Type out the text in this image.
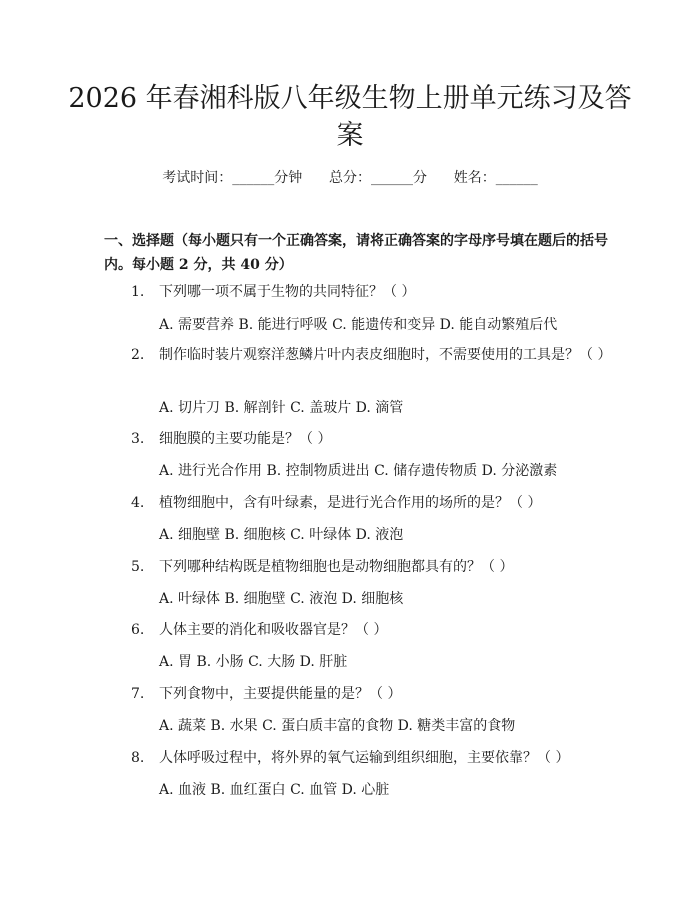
2026 年春湘科版八年级生物上册单元练习及答案
考试时间：______分钟      总分：______分      姓名：______

一、选择题（每小题只有一个正确答案，请将正确答案的字母序号填在题后的括号内。每小题 2 分，共 40 分）

1. 下列哪一项不属于生物的共同特征？（ ）
A. 需要营养 B. 能进行呼吸 C. 能遗传和变异 D. 能自动繁殖后代
2. 制作临时装片观察洋葱鳞片叶内表皮细胞时，不需要使用的工具是？（ ）
A. 切片刀 B. 解剖针 C. 盖玻片 D. 滴管
3. 细胞膜的主要功能是？（ ）
A. 进行光合作用 B. 控制物质进出 C. 储存遗传物质 D. 分泌激素
4. 植物细胞中，含有叶绿素，是进行光合作用的场所的是？（ ）
A. 细胞壁 B. 细胞核 C. 叶绿体 D. 液泡
5. 下列哪种结构既是植物细胞也是动物细胞都具有的？（ ）
A. 叶绿体 B. 细胞壁 C. 液泡 D. 细胞核
6. 人体主要的消化和吸收器官是？（ ）
A. 胃 B. 小肠 C. 大肠 D. 肝脏
7. 下列食物中，主要提供能量的是？（ ）
A. 蔬菜 B. 水果 C. 蛋白质丰富的食物 D. 糖类丰富的食物
8. 人体呼吸过程中，将外界的氧气运输到组织细胞，主要依靠？（ ）
A. 血液 B. 血红蛋白 C. 血管 D. 心脏
